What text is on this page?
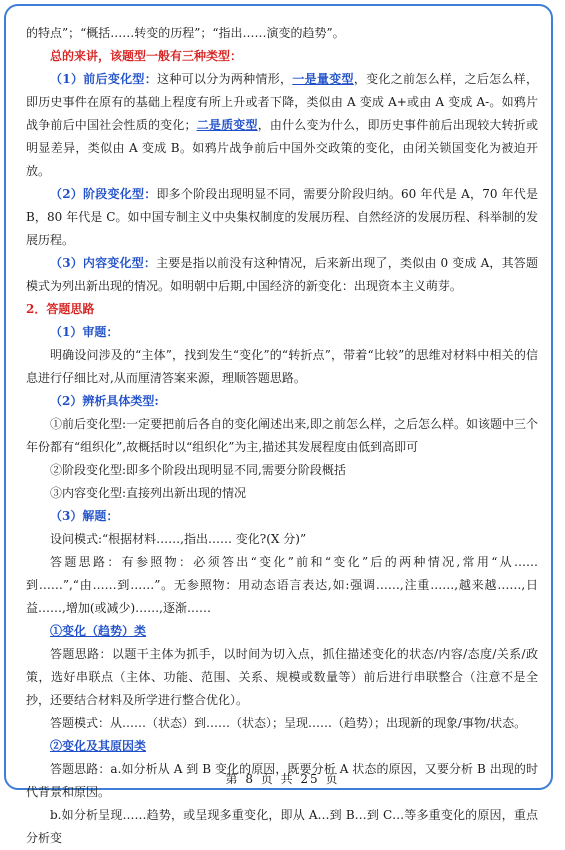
的特点”；“概括……转变的历程”；“指出……演变的趋势”。

总的来讲，该题型一般有三种类型：

（1）前后变化型：这种可以分为两种情形，一是量变型，变化之前怎么样，之后怎么样，即历史事件在原有的基础上程度有所上升或者下降，类似由 A 变成 A+或由 A 变成 A-。如鸦片战争前后中国社会性质的变化；二是质变型，由什么变为什么，即历史事件前后出现较大转折或明显差异，类似由 A 变成 B。如鸦片战争前后中国外交政策的变化，由闭关锁国变化为被迫开放。

（2）阶段变化型：即多个阶段出现明显不同，需要分阶段归纳。60 年代是 A，70 年代是 B，80 年代是 C。如中国专制主义中央集权制度的发展历程、自然经济的发展历程、科举制的发展历程。

（3）内容变化型：主要是指以前没有这种情况，后来新出现了，类似由 0 变成 A，其答题模式为列出新出现的情况。如明朝中后期,中国经济的新变化：出现资本主义萌芽。

2．答题思路

（1）审题：

明确设问涉及的“主体”，找到发生“变化”的“转折点”，带着“比较”的思维对材料中相关的信息进行仔细比对,从而厘清答案来源，理顺答题思路。

（2）辨析具体类型:

①前后变化型:一定要把前后各自的变化阐述出来,即之前怎么样，之后怎么样。如该题中三个年份都有“组织化”,故概括时以“组织化”为主,描述其发展程度由低到高即可

②阶段变化型:即多个阶段出现明显不同,需要分阶段概括

③内容变化型:直接列出新出现的情况

（3）解题：

设问模式:“根据材料……,指出…… 变化?(X 分)”

答题思路：有参照物：必须答出“变化”前和“变化”后的两种情况,常用“从……到……”,“由……到……”。无参照物：用动态语言表达,如:强调……,注重……,越来越……,日益……,增加(或减少)……,逐渐……

①变化（趋势）类

答题思路：以题干主体为抓手，以时间为切入点，抓住描述变化的状态/内容/态度/关系/政策，选好串联点（主体、功能、范围、关系、规模或数量等）前后进行串联整合（注意不是全抄，还要结合材料及所学进行整合优化）。

答题模式：从……（状态）到……（状态）；呈现……（趋势）；出现新的现象/事物/状态。

②变化及其原因类

答题思路：a.如分析从 A 到 B 变化的原因，既要分析 A 状态的原因，又要分析 B 出现的时代背景和原因。

b.如分析呈现……趋势，或呈现多重变化，即从 A…到 B…到 C…等多重变化的原因，重点分析变

第 8 页 共 25 页
